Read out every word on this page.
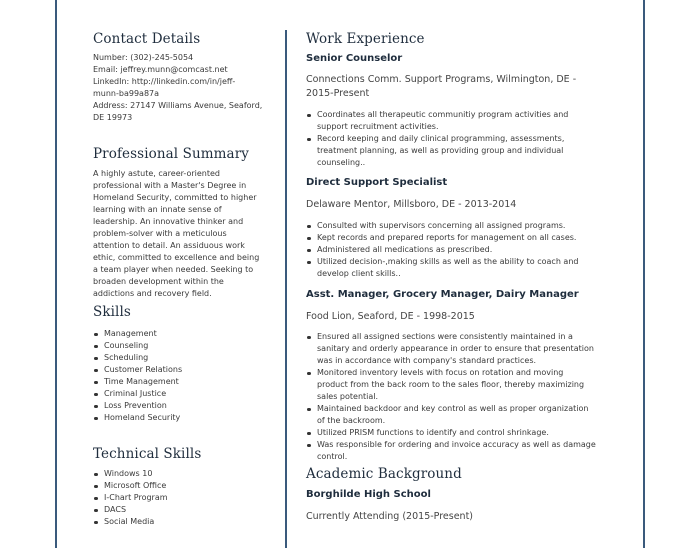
Contact Details

Number: (302)-245-5054

Email: jeffrey.munn@comcast.net

LinkedIn: http://linkedin.com/in/jeff-

munn-ba99a87a

Address: 27147 Williams Avenue, Seaford,

DE 19973

Professional Summary

A highly astute, career-oriented

professional with a Master's Degree in

Homeland Security, committed to higher

learning with an innate sense of

leadership. An innovative thinker and

problem-solver with a meticulous

attention to detail. An assiduous work

ethic, committed to excellence and being

a team player when needed. Seeking to

broaden development within the

addictions and recovery field.

Skills
Management
Counseling
Scheduling
Customer Relations
Time Management
Criminal Justice
Loss Prevention
Homeland Security
Technical Skills
Windows 10
Microsoft Office
I-Chart Program
DACS
Social Media
Work Experience

Senior Counselor

Connections Comm. Support Programs, Wilmington, DE -

2015-Present

Coordinates all therapeutic communitiy program activities and
support recruitment activities.
Record keeping and daily clinical programming, assessments,
treatment planning, as well as providing group and individual
counseling..

Direct Support Specialist

Delaware Mentor, Millsboro, DE - 2013-2014

Consulted with supervisors concerning all assigned programs.
Kept records and prepared reports for management on all cases.
Administered all medications as prescribed.
Utilized decision-,making skills as well as the ability to coach and
develop client skills..

Asst. Manager, Grocery Manager, Dairy Manager

Food Lion, Seaford, DE - 1998-2015

Ensured all assigned sections were consistently maintained in a
sanitary and orderly appearance in order to ensure that presentation
was in accordance with company's standard practices.
Monitored inventory levels with focus on rotation and moving
product from the back room to the sales floor, thereby maximizing
sales potential.
Maintained backdoor and key control as well as proper organization
of the backroom.
Utilized PRISM functions to identify and control shrinkage.
Was responsible for ordering and invoice accuracy as well as damage
control.
Academic Background

Borghilde High School

Currently Attending (2015-Present)
